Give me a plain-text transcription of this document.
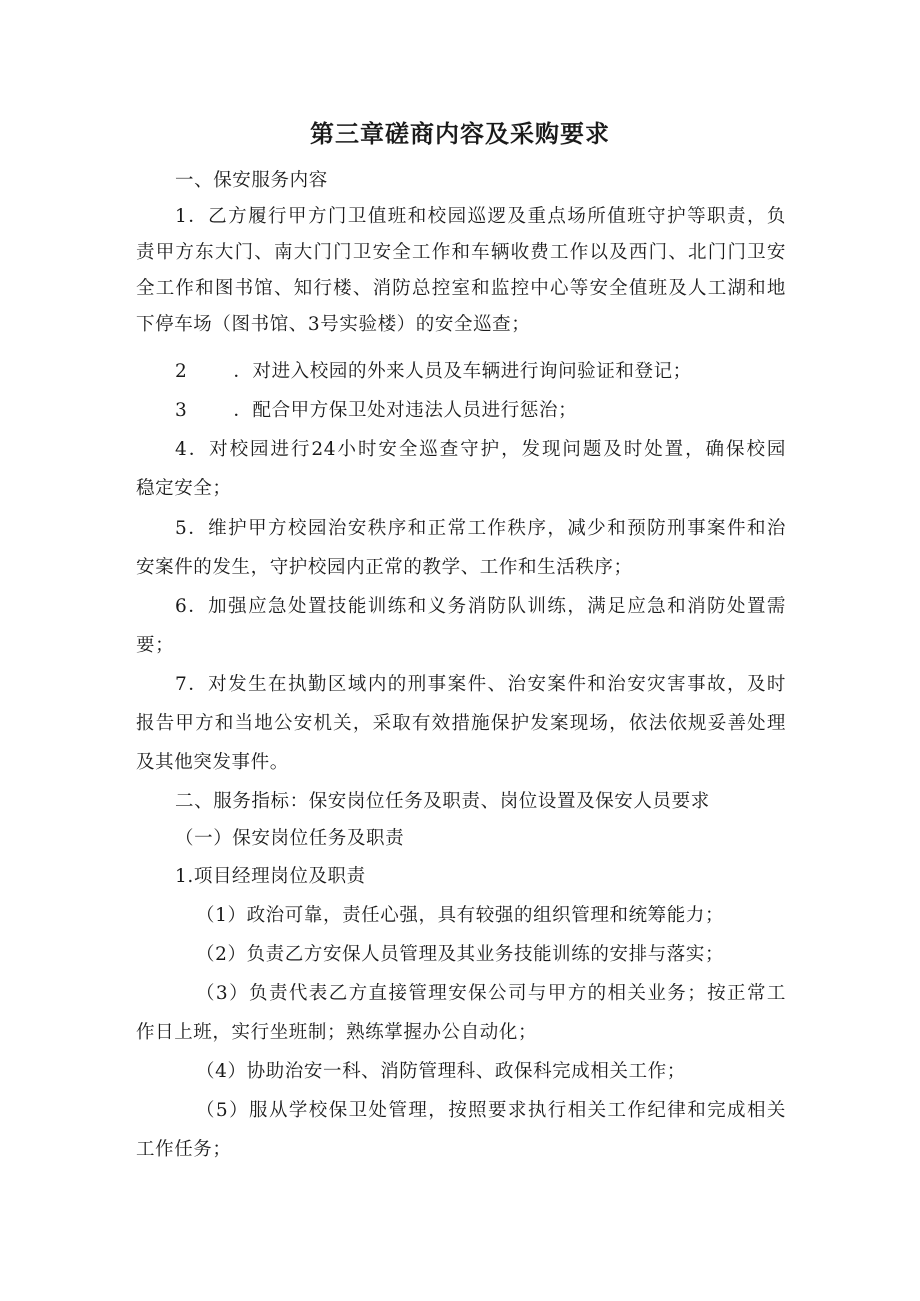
第三章磋商内容及采购要求
一、保安服务内容
1．乙方履行甲方门卫值班和校园巡逻及重点场所值班守护等职责，负
责甲方东大门、南大门门卫安全工作和车辆收费工作以及西门、北门门卫安
全工作和图书馆、知行楼、消防总控室和监控中心等安全值班及人工湖和地
下停车场（图书馆、3号实验楼）的安全巡查；
2 ．对进入校园的外来人员及车辆进行询问验证和登记；
3 ．配合甲方保卫处对违法人员进行惩治；
4．对校园进行24小时安全巡查守护，发现问题及时处置，确保校园
稳定安全；
5．维护甲方校园治安秩序和正常工作秩序，减少和预防刑事案件和治
安案件的发生，守护校园内正常的教学、工作和生活秩序；
6．加强应急处置技能训练和义务消防队训练，满足应急和消防处置需
要；
7．对发生在执勤区域内的刑事案件、治安案件和治安灾害事故，及时
报告甲方和当地公安机关，采取有效措施保护发案现场，依法依规妥善处理
及其他突发事件。
二、服务指标：保安岗位任务及职责、岗位设置及保安人员要求
（一）保安岗位任务及职责
1.项目经理岗位及职责
（1）政治可靠，责任心强，具有较强的组织管理和统筹能力；
（2）负责乙方安保人员管理及其业务技能训练的安排与落实；
（3）负责代表乙方直接管理安保公司与甲方的相关业务；按正常工
作日上班，实行坐班制；熟练掌握办公自动化；
（4）协助治安一科、消防管理科、政保科完成相关工作；
（5）服从学校保卫处管理，按照要求执行相关工作纪律和完成相关
工作任务；
